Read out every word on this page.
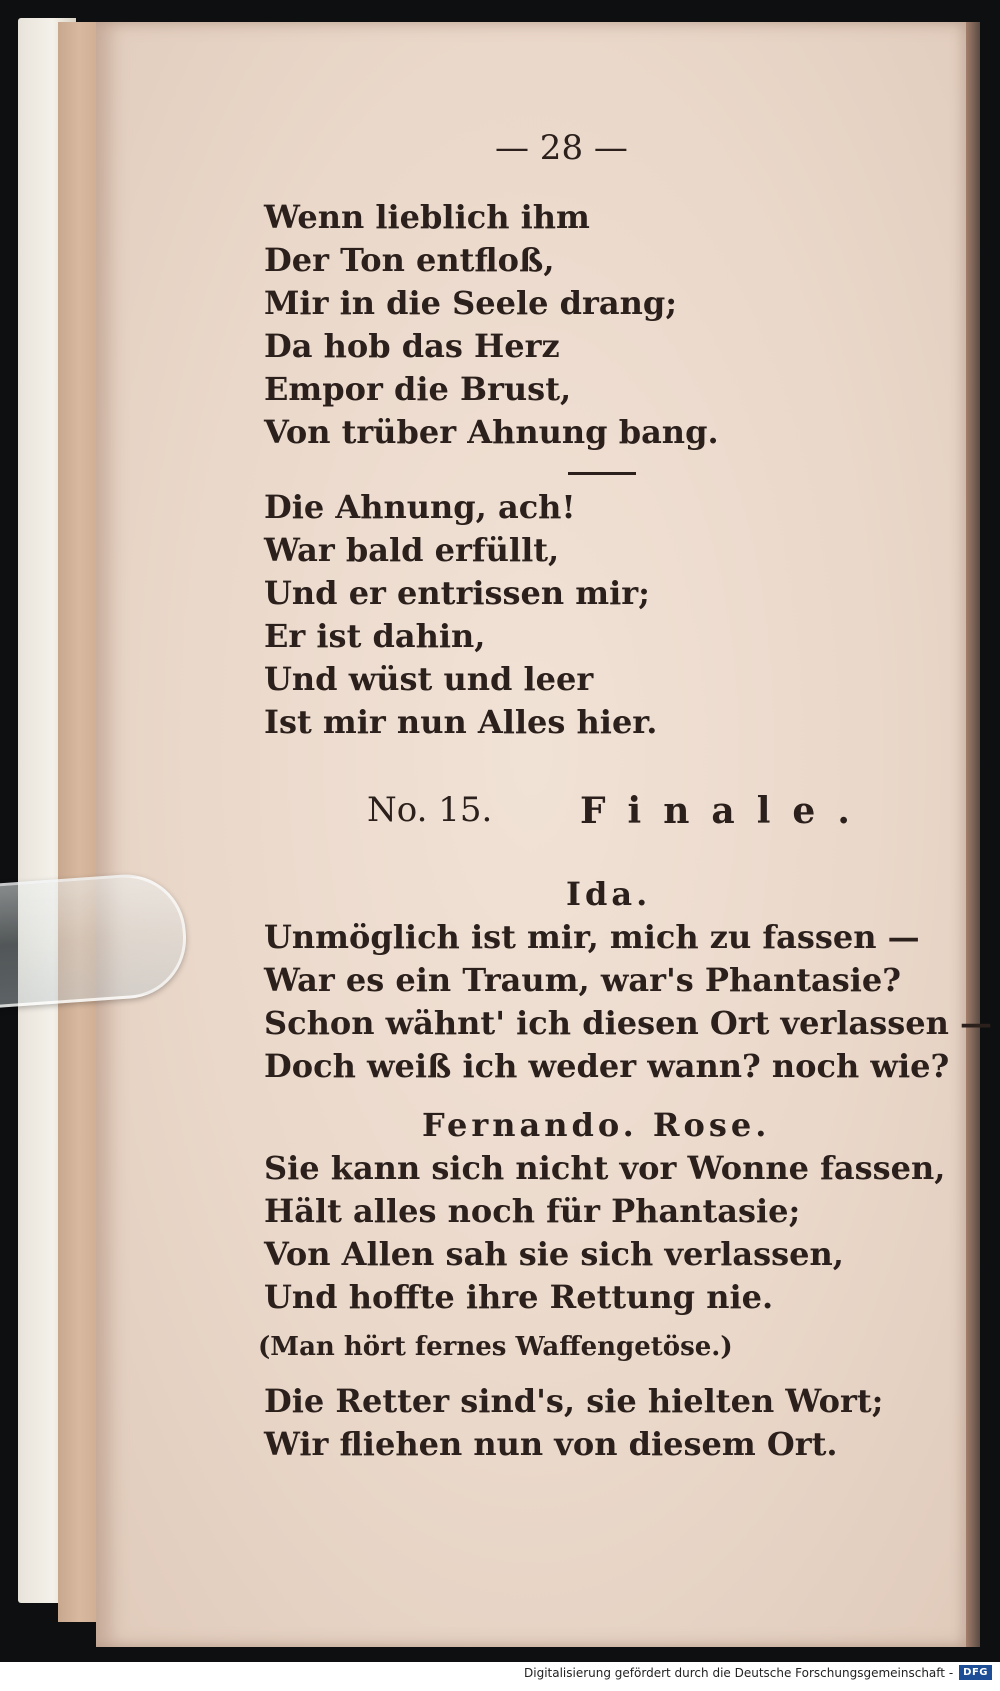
— 28 —
Wenn lieblich ihm
Der Ton entfloß,
Mir in die Seele drang;
Da hob das Herz
Empor die Brust,
Von trüber Ahnung bang.
Die Ahnung, ach!
War bald erfüllt,
Und er entrissen mir;
Er ist dahin,
Und wüst und leer
Ist mir nun Alles hier.
No. 15. Finale.
Ida.
Unmöglich ist mir, mich zu fassen —
War es ein Traum, war's Phantasie?
Schon wähnt' ich diesen Ort verlassen —
Doch weiß ich weder wann? noch wie?
Fernando. Rose.
Sie kann sich nicht vor Wonne fassen,
Hält alles noch für Phantasie;
Von Allen sah sie sich verlassen,
Und hoffte ihre Rettung nie.
(Man hört fernes Waffengetöse.)
Die Retter sind's, sie hielten Wort;
Wir fliehen nun von diesem Ort.
Digitalisierung gefördert durch die Deutsche Forschungsgemeinschaft -	DFG
